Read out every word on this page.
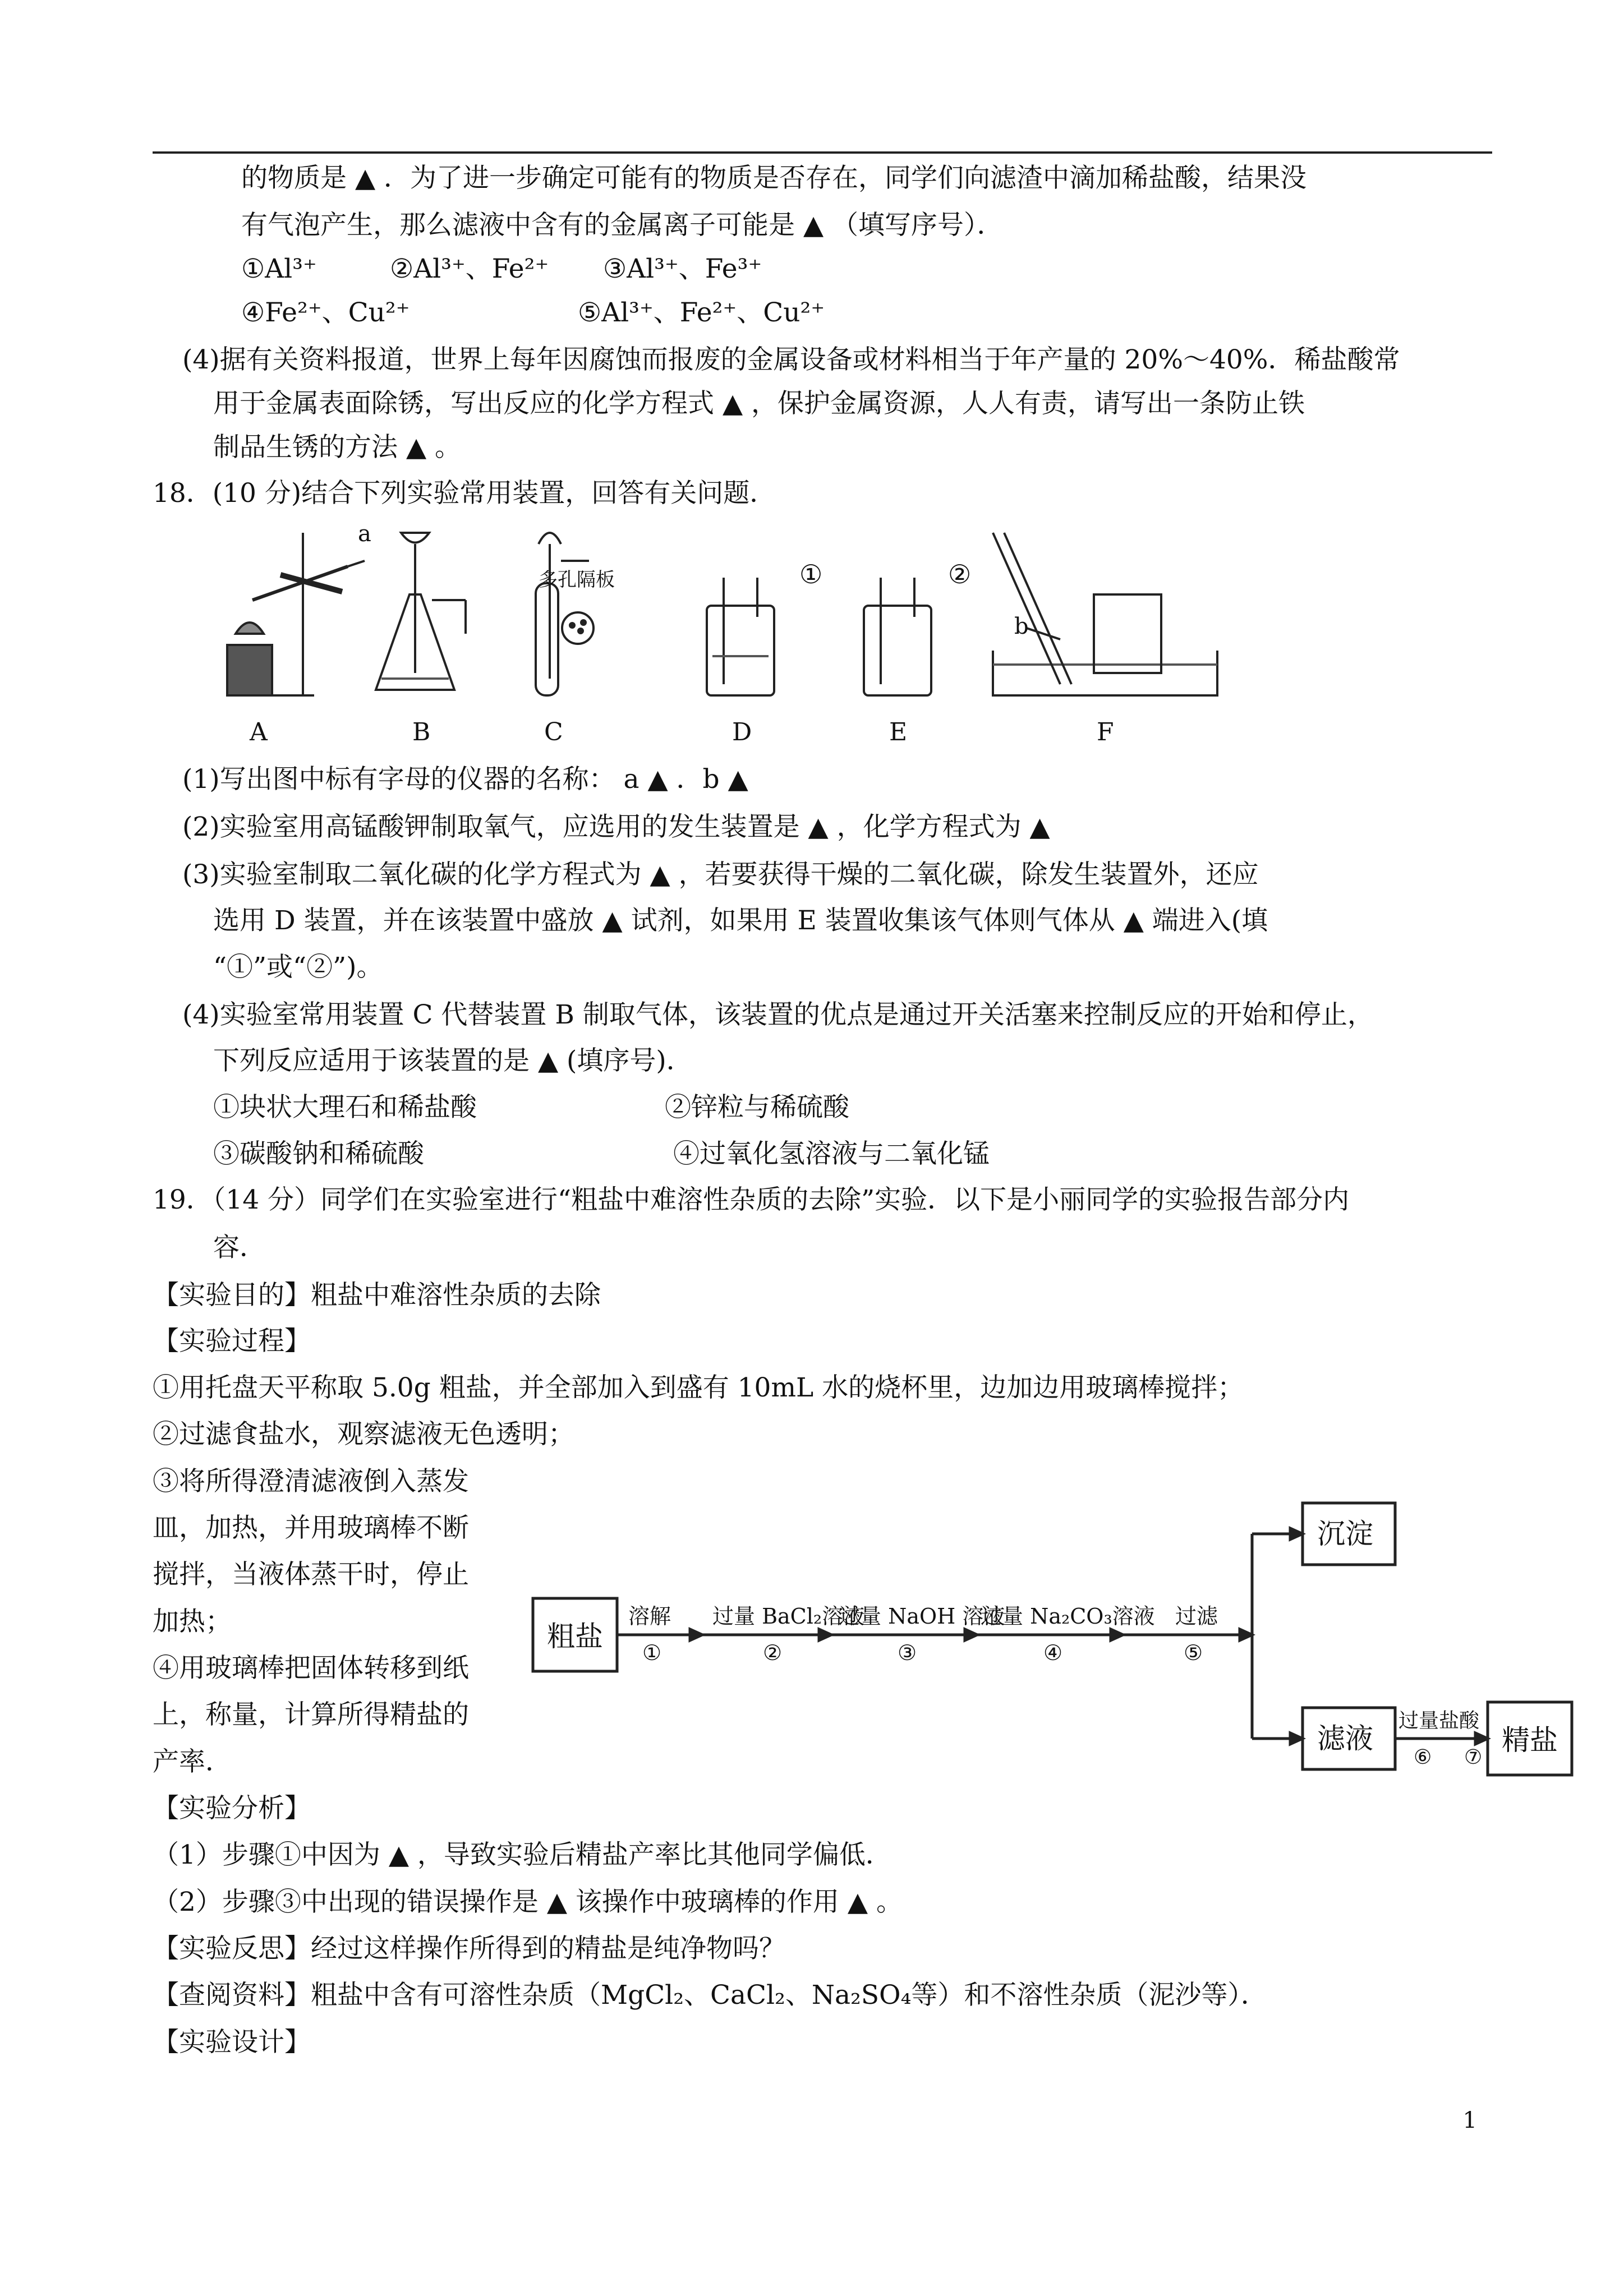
的物质是 ▲ ．为了进一步确定可能有的物质是否存在，同学们向滤渣中滴加稀盐酸，结果没
有气泡产生，那么滤液中含有的金属离子可能是 ▲ （填写序号）．
①Al³⁺	②Al³⁺、Fe²⁺ ③Al³⁺、Fe³⁺
④Fe²⁺、Cu²⁺	⑤Al³⁺、Fe²⁺、Cu²⁺
(4)据有关资料报道，世界上每年因腐蚀而报废的金属设备或材料相当于年产量的 20%～40%．稀盐酸常
用于金属表面除锈，写出反应的化学方程式 ▲ ，保护金属资源，人人有责，请写出一条防止铁
制品生锈的方法 ▲ 。
18．(10 分)结合下列实验常用装置，回答有关问题．
a
b
①	②
多孔隔板
A	B	C	D	E	F
(1)写出图中标有字母的仪器的名称： a ▲ ．b ▲
(2)实验室用高锰酸钾制取氧气，应选用的发生装置是 ▲ ，化学方程式为 ▲
(3)实验室制取二氧化碳的化学方程式为 ▲ ，若要获得干燥的二氧化碳，除发生装置外，还应
选用 D 装置，并在该装置中盛放 ▲ 试剂，如果用 E 装置收集该气体则气体从 ▲ 端进入(填
“①”或“②”)。
(4)实验室常用装置 C 代替装置 B 制取气体，该装置的优点是通过开关活塞来控制反应的开始和停止，
下列反应适用于该装置的是 ▲ (填序号)．
①块状大理石和稀盐酸	②锌粒与稀硫酸
③碳酸钠和稀硫酸	④过氧化氢溶液与二氧化锰
19．（14 分）同学们在实验室进行“粗盐中难溶性杂质的去除”实验．以下是小丽同学的实验报告部分内
容．
【实验目的】粗盐中难溶性杂质的去除
【实验过程】
①用托盘天平称取 5.0g 粗盐，并全部加入到盛有 10mL 水的烧杯里，边加边用玻璃棒搅拌；
②过滤食盐水，观察滤液无色透明；
③将所得澄清滤液倒入蒸发
皿，加热，并用玻璃棒不断
搅拌，当液体蒸干时，停止
加热；
④用玻璃棒把固体转移到纸
上，称量，计算所得精盐的
产率．
粗盐
溶解
①
过量 BaCl₂溶液
②
过量 NaOH 溶液
③
过量 Na₂CO₃溶液
④
过滤
⑤
沉淀
滤液
过量盐酸
⑥ ⑦
精盐
【实验分析】
（1）步骤①中因为 ▲ ，导致实验后精盐产率比其他同学偏低．
（2）步骤③中出现的错误操作是 ▲ 该操作中玻璃棒的作用 ▲ 。
【实验反思】经过这样操作所得到的精盐是纯净物吗？
【查阅资料】粗盐中含有可溶性杂质（MgCl₂、CaCl₂、Na₂SO₄等）和不溶性杂质（泥沙等）．
【实验设计】
1
